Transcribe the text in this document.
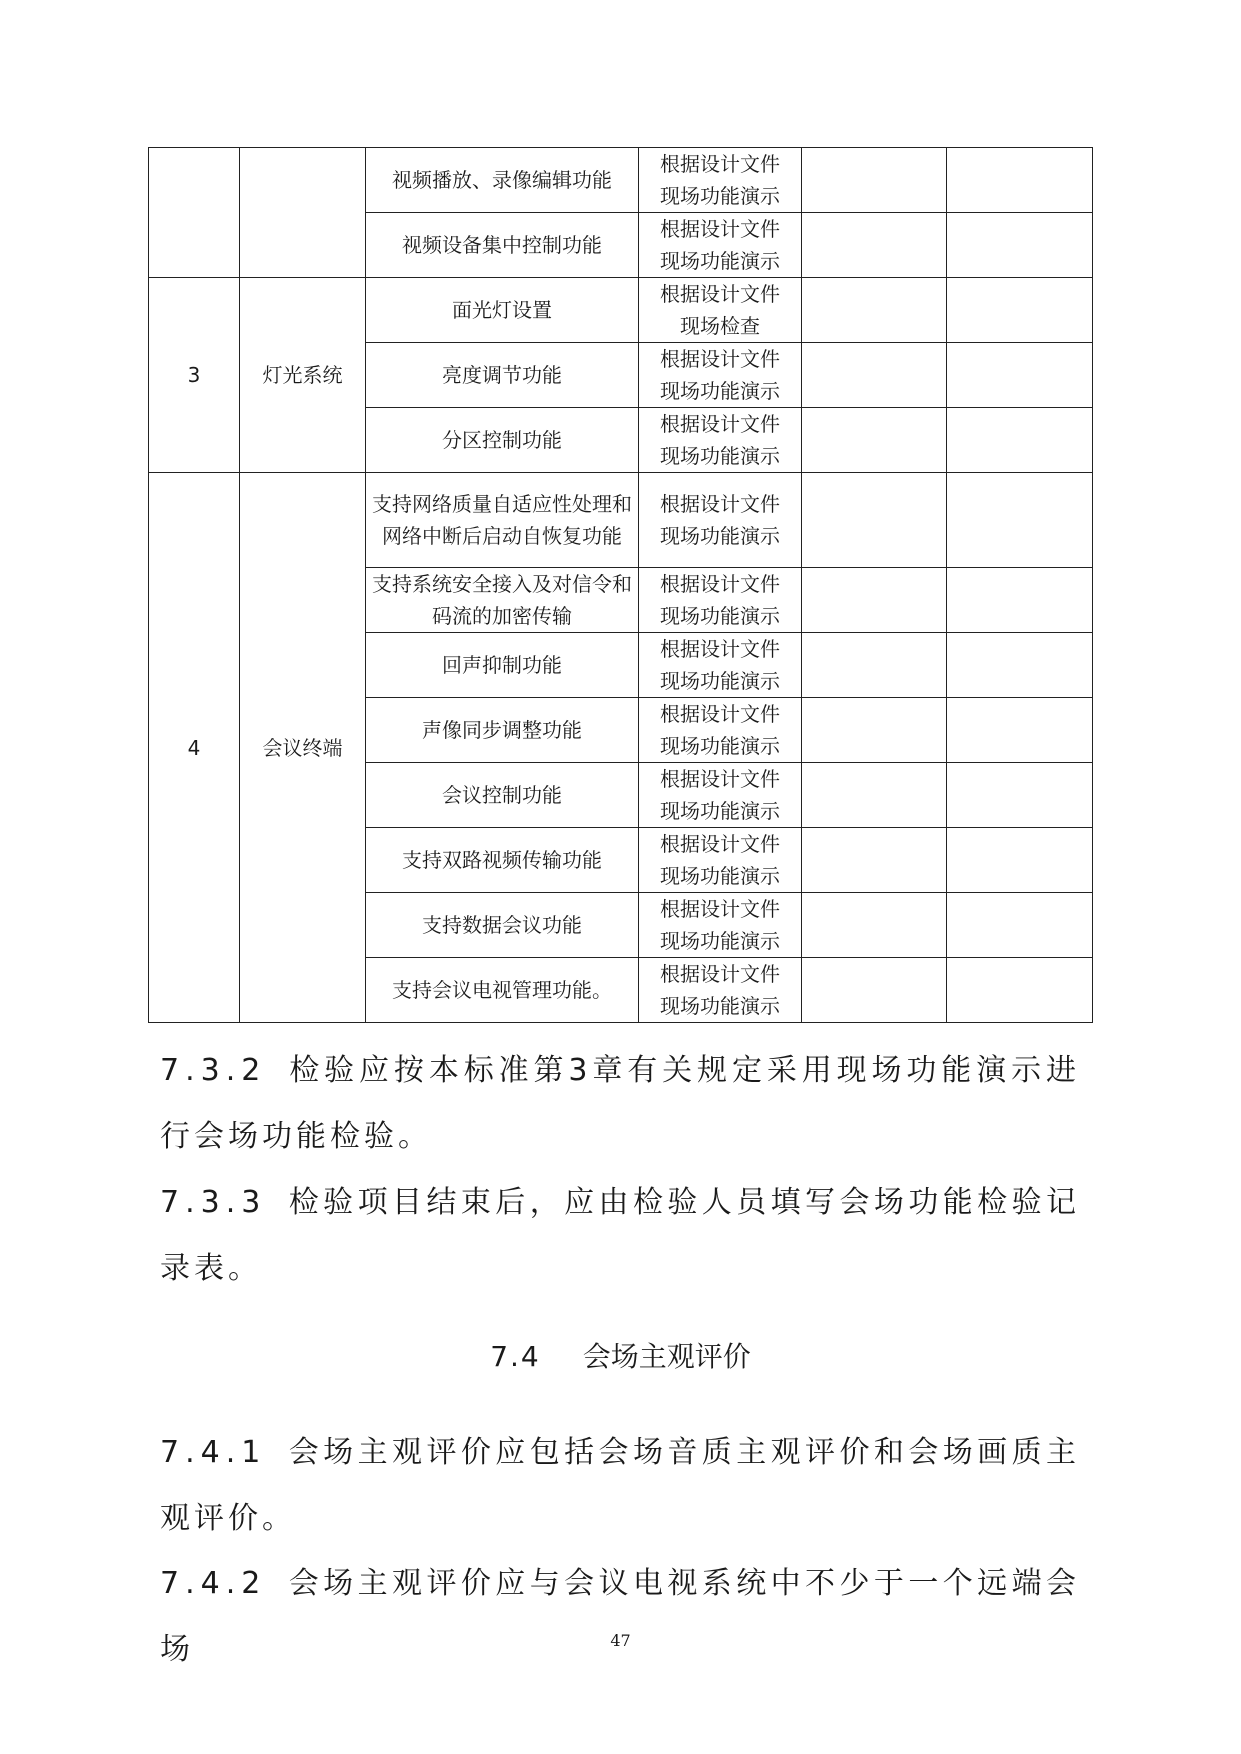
		视频播放、录像编辑功能	根据设计文件
现场功能演示		

		视频设备集中控制功能	根据设计文件
现场功能演示		

3	灯光系统	面光灯设置	根据设计文件
现场检查		

		亮度调节功能	根据设计文件
现场功能演示		

		分区控制功能	根据设计文件
现场功能演示		

4	会议终端	支持网络质量自适应性处理和网络中断后启动自恢复功能	根据设计文件
现场功能演示		

		支持系统安全接入及对信令和码流的加密传输	根据设计文件
现场功能演示		

		回声抑制功能	根据设计文件
现场功能演示		

		声像同步调整功能	根据设计文件
现场功能演示		

		会议控制功能	根据设计文件
现场功能演示		

		支持双路视频传输功能	根据设计文件
现场功能演示		

		支持数据会议功能	根据设计文件
现场功能演示		

		支持会议电视管理功能。	根据设计文件
现场功能演示		

7.3.2 检验应按本标准第3章有关规定采用现场功能演示进行会场功能检验。

7.3.3 检验项目结束后，应由检验人员填写会场功能检验记录表。

7.4 会场主观评价

7.4.1 会场主观评价应包括会场音质主观评价和会场画质主观评价。

7.4.2 会场主观评价应与会议电视系统中不少于一个远端会场	47
